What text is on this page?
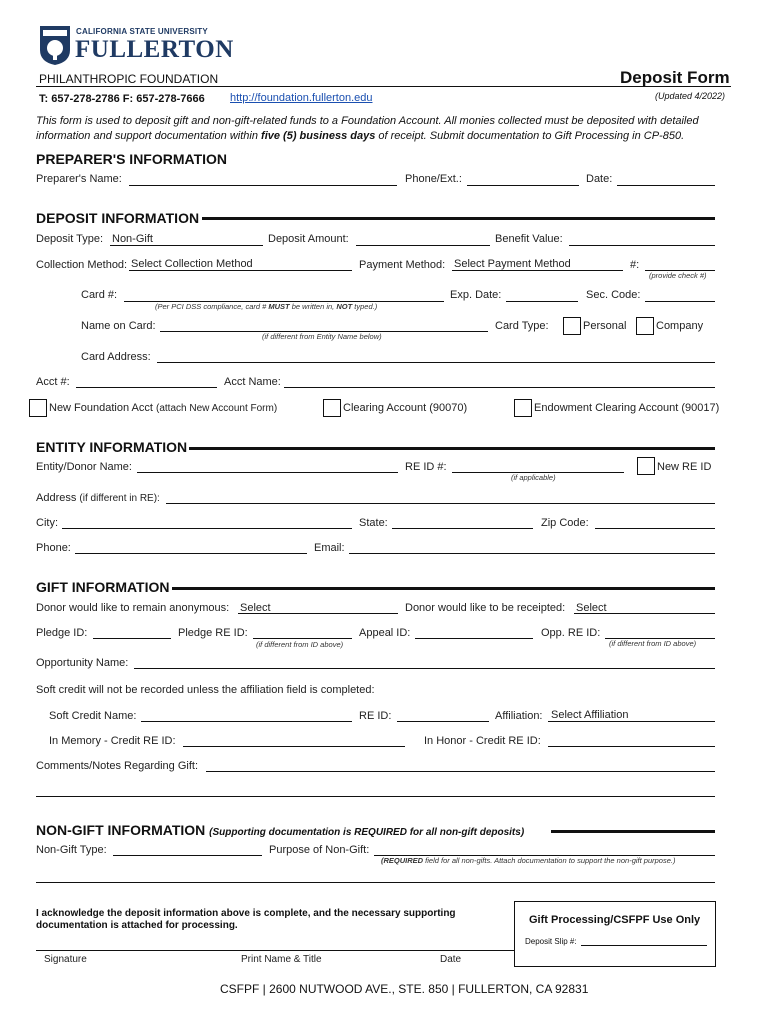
CALIFORNIA STATE UNIVERSITY
FULLERTON
PHILANTHROPIC FOUNDATION	Deposit Form
T: 657-278-2786 F: 657-278-7666 http://foundation.fullerton.edu	(Updated 4/2022)
This form is used to deposit gift and non-gift-related funds to a Foundation Account. All monies collected must be deposited with detailed information and support documentation within five (5) business days of receipt. Submit documentation to Gift Processing in CP-850.
PREPARER'S INFORMATION
Preparer's Name:	Phone/Ext.:	Date:
DEPOSIT INFORMATION
Deposit Type: Non-Gift	Deposit Amount:	Benefit Value:
Collection Method: Select Collection Method	Payment Method: Select Payment Method	#:
(provide check #)
Card #:
(Per PCI DSS compliance, card # MUST be written in, NOT typed.)
Exp. Date:	Sec. Code:
Name on Card:
(if different from Entity Name below)
Card Type:	Personal	Company
Card Address:
Acct #:	Acct Name:
New Foundation Acct (attach New Account Form)	Clearing Account (90070)	Endowment Clearing Account (90017)
ENTITY INFORMATION
Entity/Donor Name:	RE ID #:
(if applicable)
New RE ID
Address (if different in RE):
City:	State:	Zip Code:
Phone:	Email:
GIFT INFORMATION
Donor would like to remain anonymous: Select	Donor would like to be receipted: Select
Pledge ID:	Pledge RE ID:
(if different from ID above)
Appeal ID:	Opp. RE ID:
(if different from ID above)
Opportunity Name:
Soft credit will not be recorded unless the affiliation field is completed:
Soft Credit Name:	RE ID:	Affiliation: Select Affiliation
In Memory - Credit RE ID:	In Honor - Credit RE ID:
Comments/Notes Regarding Gift:
NON-GIFT INFORMATION (Supporting documentation is REQUIRED for all non-gift deposits)
Non-Gift Type:	Purpose of Non-Gift:
(REQUIRED field for all non-gifts. Attach documentation to support the non-gift purpose.)
I acknowledge the deposit information above is complete, and the necessary supporting documentation is attached for processing.
Signature	Print Name & Title	Date
Gift Processing/CSFPF Use Only
Deposit Slip #:
CSFPF | 2600 NUTWOOD AVE., STE. 850 | FULLERTON, CA 92831
